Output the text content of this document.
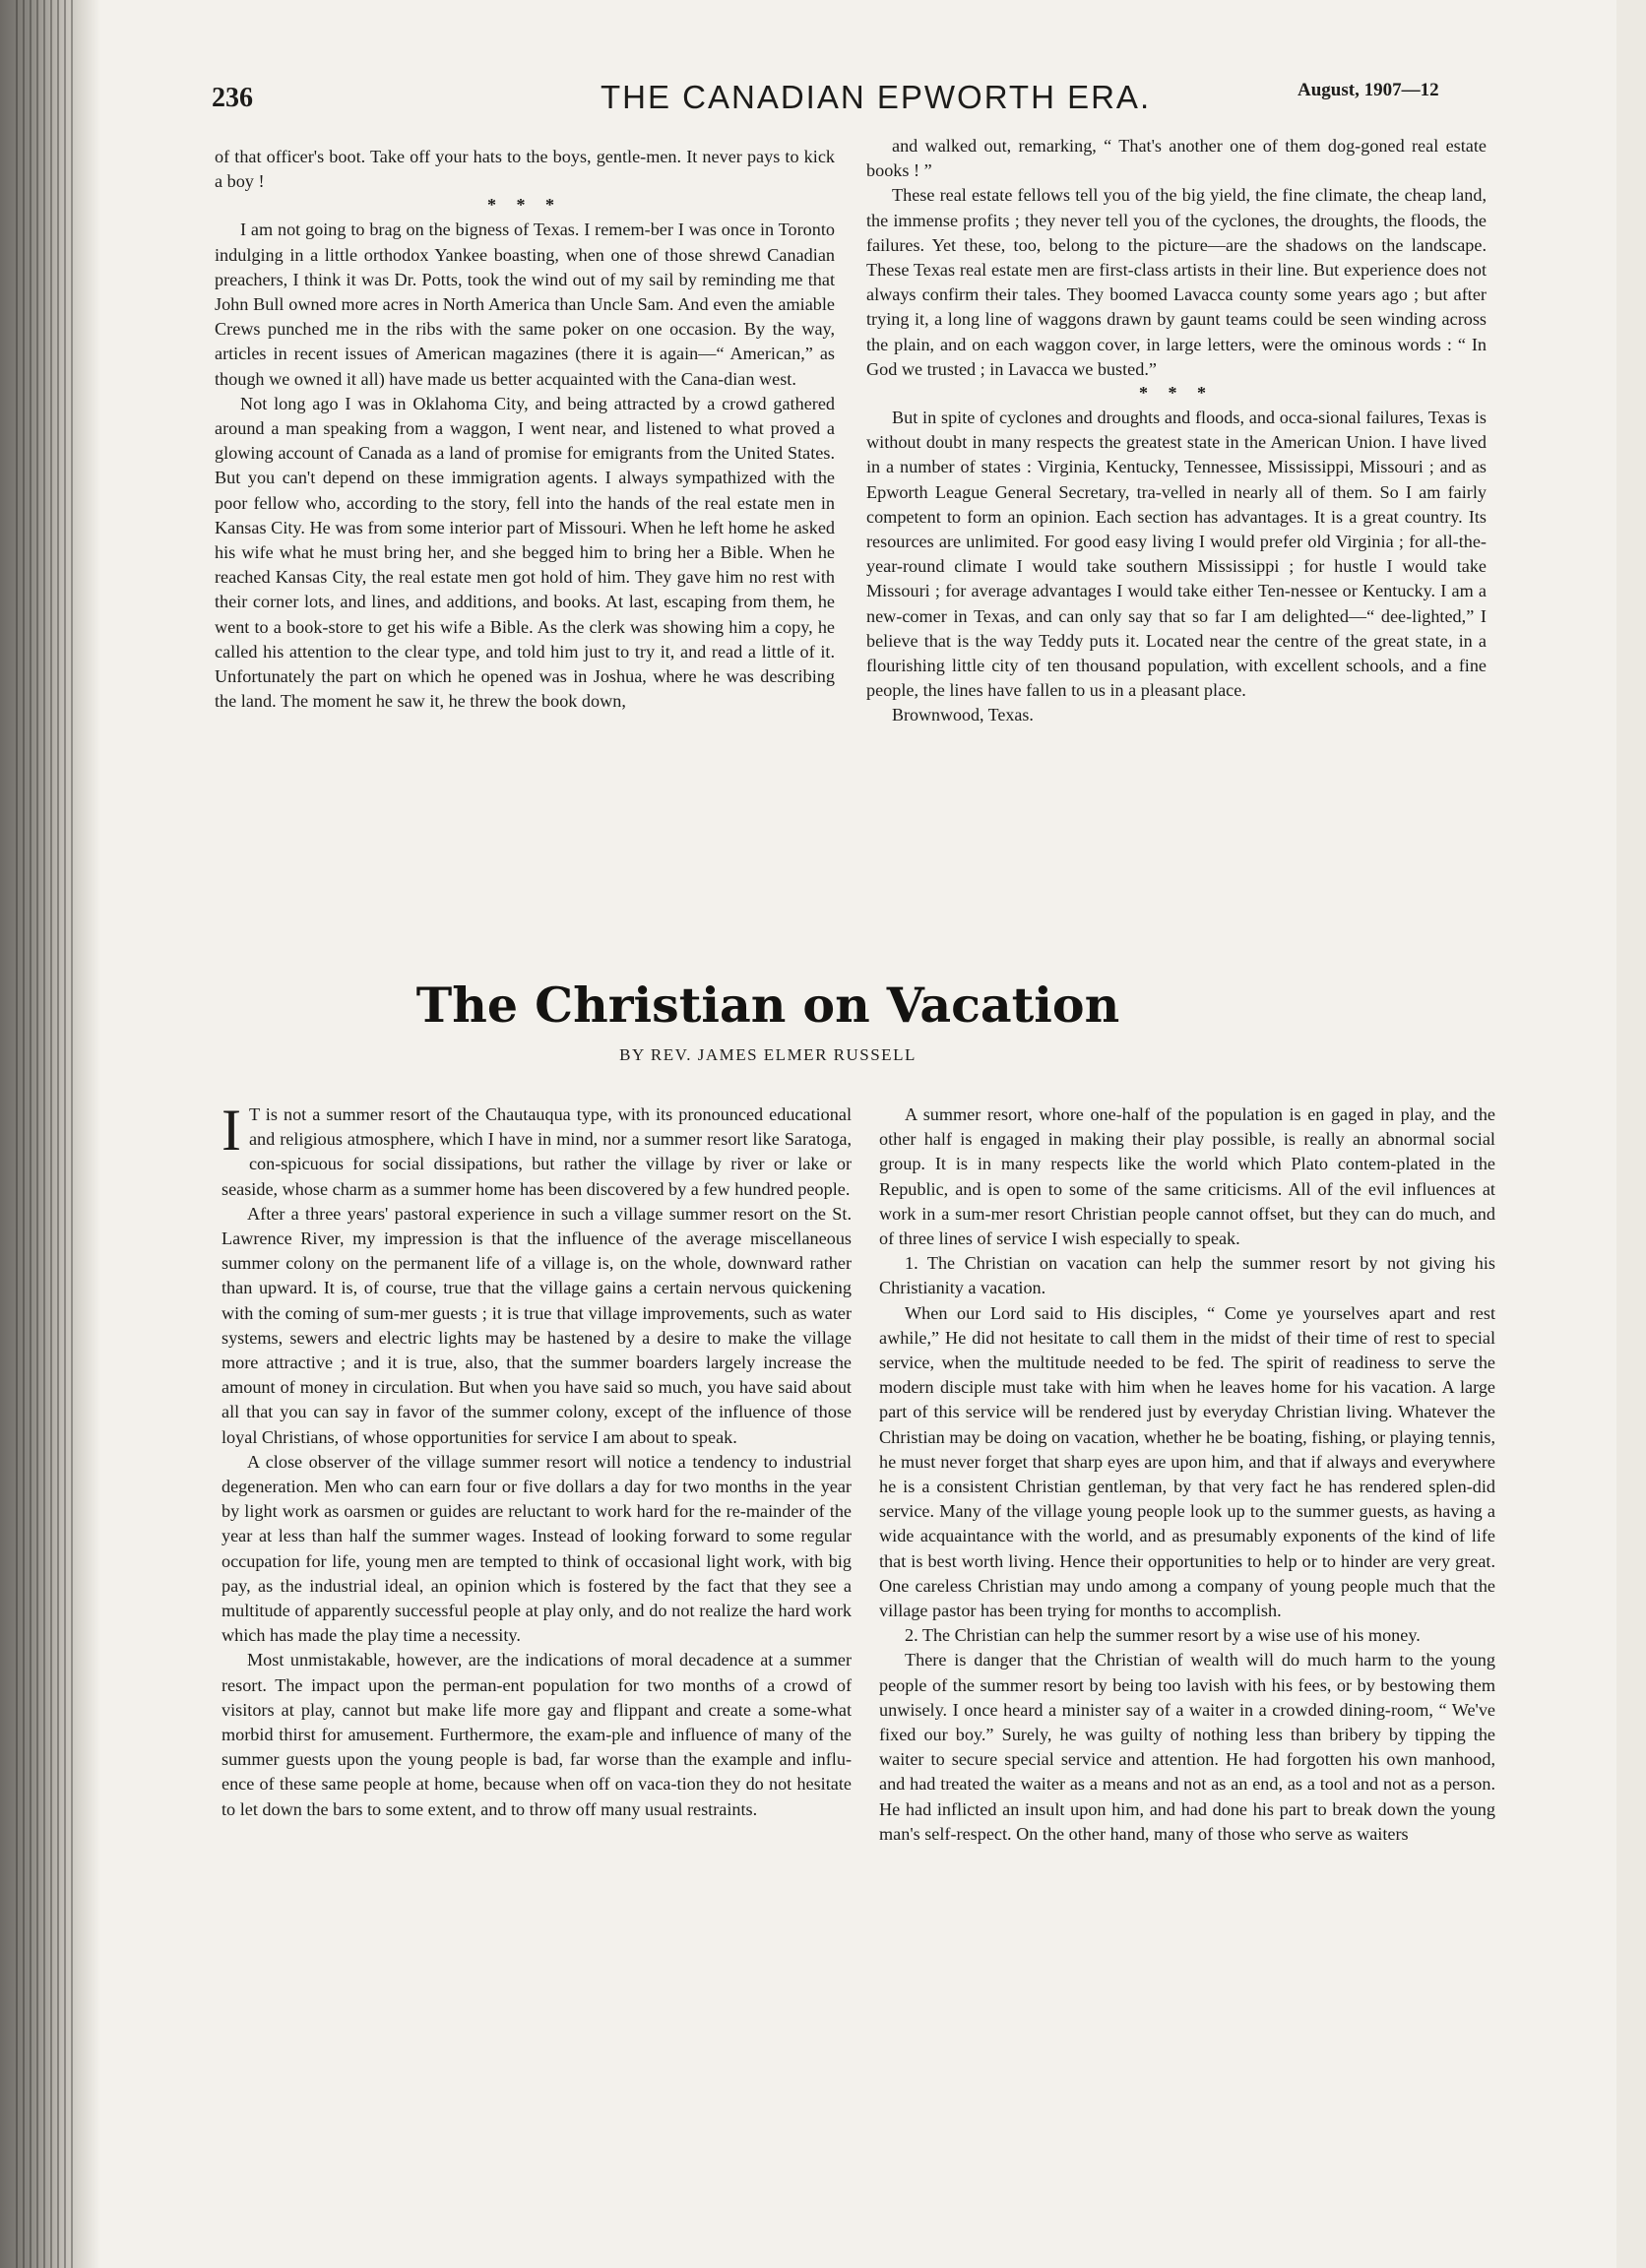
236	THE CANADIAN EPWORTH ERA.	August, 1907—12

of that officer's boot. Take off your hats to the boys, gentle-men. It never pays to kick a boy !

* * *

I am not going to brag on the bigness of Texas. I remem-ber I was once in Toronto indulging in a little orthodox Yankee boasting, when one of those shrewd Canadian preachers, I think it was Dr. Potts, took the wind out of my sail by reminding me that John Bull owned more acres in North America than Uncle Sam. And even the amiable Crews punched me in the ribs with the same poker on one occasion. By the way, articles in recent issues of American magazines (there it is again—“ American,” as though we owned it all) have made us better acquainted with the Cana-dian west.

Not long ago I was in Oklahoma City, and being attracted by a crowd gathered around a man speaking from a waggon, I went near, and listened to what proved a glowing account of Canada as a land of promise for emigrants from the United States. But you can't depend on these immigration agents. I always sympathized with the poor fellow who, according to the story, fell into the hands of the real estate men in Kansas City. He was from some interior part of Missouri. When he left home he asked his wife what he must bring her, and she begged him to bring her a Bible. When he reached Kansas City, the real estate men got hold of him. They gave him no rest with their corner lots, and lines, and additions, and books. At last, escaping from them, he went to a book-store to get his wife a Bible. As the clerk was showing him a copy, he called his attention to the clear type, and told him just to try it, and read a little of it. Unfortunately the part on which he opened was in Joshua, where he was describing the land. The moment he saw it, he threw the book down,

and walked out, remarking, “ That's another one of them dog-goned real estate books ! ”

These real estate fellows tell you of the big yield, the fine climate, the cheap land, the immense profits ; they never tell you of the cyclones, the droughts, the floods, the failures. Yet these, too, belong to the picture—are the shadows on the landscape. These Texas real estate men are first-class artists in their line. But experience does not always confirm their tales. They boomed Lavacca county some years ago ; but after trying it, a long line of waggons drawn by gaunt teams could be seen winding across the plain, and on each waggon cover, in large letters, were the ominous words : “ In God we trusted ; in Lavacca we busted.”

* * *

But in spite of cyclones and droughts and floods, and occa-sional failures, Texas is without doubt in many respects the greatest state in the American Union. I have lived in a number of states : Virginia, Kentucky, Tennessee, Mississippi, Missouri ; and as Epworth League General Secretary, tra-velled in nearly all of them. So I am fairly competent to form an opinion. Each section has advantages. It is a great country. Its resources are unlimited. For good easy living I would prefer old Virginia ; for all-the-year-round climate I would take southern Mississippi ; for hustle I would take Missouri ; for average advantages I would take either Ten-nessee or Kentucky. I am a new-comer in Texas, and can only say that so far I am delighted—“ dee-lighted,” I believe that is the way Teddy puts it. Located near the centre of the great state, in a flourishing little city of ten thousand population, with excellent schools, and a fine people, the lines have fallen to us in a pleasant place.

Brownwood, Texas.

The Christian on Vacation
BY REV. JAMES ELMER RUSSELL

I T is not a summer resort of the Chautauqua type, with its pronounced educational and religious atmosphere, which I have in mind, nor a summer resort like Saratoga, con-spicuous for social dissipations, but rather the village by river or lake or seaside, whose charm as a summer home has been discovered by a few hundred people.

After a three years' pastoral experience in such a village summer resort on the St. Lawrence River, my impression is that the influence of the average miscellaneous summer colony on the permanent life of a village is, on the whole, downward rather than upward. It is, of course, true that the village gains a certain nervous quickening with the coming of sum-mer guests ; it is true that village improvements, such as water systems, sewers and electric lights may be hastened by a desire to make the village more attractive ; and it is true, also, that the summer boarders largely increase the amount of money in circulation. But when you have said so much, you have said about all that you can say in favor of the summer colony, except of the influence of those loyal Christians, of whose opportunities for service I am about to speak.

A close observer of the village summer resort will notice a tendency to industrial degeneration. Men who can earn four or five dollars a day for two months in the year by light work as oarsmen or guides are reluctant to work hard for the re-mainder of the year at less than half the summer wages. Instead of looking forward to some regular occupation for life, young men are tempted to think of occasional light work, with big pay, as the industrial ideal, an opinion which is fostered by the fact that they see a multitude of apparently successful people at play only, and do not realize the hard work which has made the play time a necessity.

Most unmistakable, however, are the indications of moral decadence at a summer resort. The impact upon the perman-ent population for two months of a crowd of visitors at play, cannot but make life more gay and flippant and create a some-what morbid thirst for amusement. Furthermore, the exam-ple and influence of many of the summer guests upon the young people is bad, far worse than the example and influ-ence of these same people at home, because when off on vaca-tion they do not hesitate to let down the bars to some extent, and to throw off many usual restraints.

A summer resort, whore one-half of the population is en gaged in play, and the other half is engaged in making their play possible, is really an abnormal social group. It is in many respects like the world which Plato contem-plated in the Republic, and is open to some of the same criticisms. All of the evil influences at work in a sum-mer resort Christian people cannot offset, but they can do much, and of three lines of service I wish especially to speak.

1. The Christian on vacation can help the summer resort by not giving his Christianity a vacation.

When our Lord said to His disciples, “ Come ye yourselves apart and rest awhile,” He did not hesitate to call them in the midst of their time of rest to special service, when the multitude needed to be fed. The spirit of readiness to serve the modern disciple must take with him when he leaves home for his vacation. A large part of this service will be rendered just by everyday Christian living. Whatever the Christian may be doing on vacation, whether he be boating, fishing, or playing tennis, he must never forget that sharp eyes are upon him, and that if always and everywhere he is a consistent Christian gentleman, by that very fact he has rendered splen-did service. Many of the village young people look up to the summer guests, as having a wide acquaintance with the world, and as presumably exponents of the kind of life that is best worth living. Hence their opportunities to help or to hinder are very great. One careless Christian may undo among a company of young people much that the village pastor has been trying for months to accomplish.

2. The Christian can help the summer resort by a wise use of his money.

There is danger that the Christian of wealth will do much harm to the young people of the summer resort by being too lavish with his fees, or by bestowing them unwisely. I once heard a minister say of a waiter in a crowded dining-room, “ We've fixed our boy.” Surely, he was guilty of nothing less than bribery by tipping the waiter to secure special service and attention. He had forgotten his own manhood, and had treated the waiter as a means and not as an end, as a tool and not as a person. He had inflicted an insult upon him, and had done his part to break down the young man's self-respect. On the other hand, many of those who serve as waiters
